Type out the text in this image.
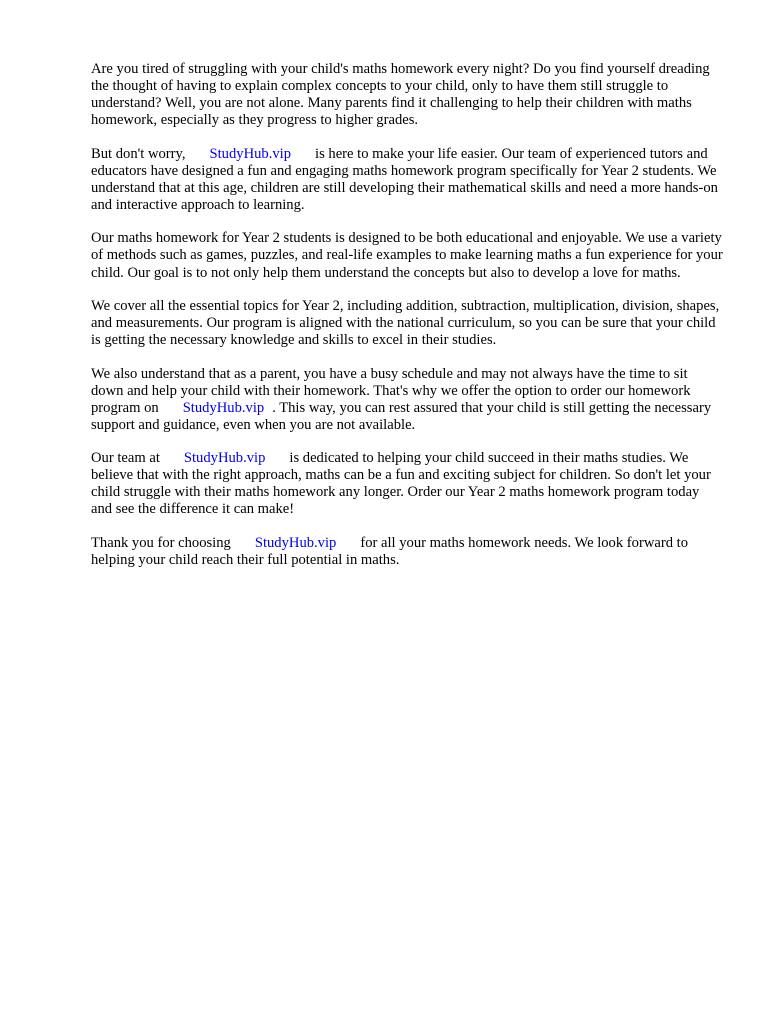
Are you tired of struggling with your child's maths homework every night? Do you find yourself dreading the thought of having to explain complex concepts to your child, only to have them still struggle to understand? Well, you are not alone. Many parents find it challenging to help their children with maths homework, especially as they progress to higher grades.

But don't worry, StudyHub.vip is here to make your life easier. Our team of experienced tutors and educators have designed a fun and engaging maths homework program specifically for Year 2 students. We understand that at this age, children are still developing their mathematical skills and need a more hands-on and interactive approach to learning.

Our maths homework for Year 2 students is designed to be both educational and enjoyable. We use a variety of methods such as games, puzzles, and real-life examples to make learning maths a fun experience for your child. Our goal is to not only help them understand the concepts but also to develop a love for maths.

We cover all the essential topics for Year 2, including addition, subtraction, multiplication, division, shapes, and measurements. Our program is aligned with the national curriculum, so you can be sure that your child is getting the necessary knowledge and skills to excel in their studies.

We also understand that as a parent, you have a busy schedule and may not always have the time to sit down and help your child with their homework. That's why we offer the option to order our homework program on StudyHub.vip . This way, you can rest assured that your child is still getting the necessary support and guidance, even when you are not available.

Our team at StudyHub.vip is dedicated to helping your child succeed in their maths studies. We believe that with the right approach, maths can be a fun and exciting subject for children. So don't let your child struggle with their maths homework any longer. Order our Year 2 maths homework program today and see the difference it can make!

Thank you for choosing StudyHub.vip for all your maths homework needs. We look forward to helping your child reach their full potential in maths.
